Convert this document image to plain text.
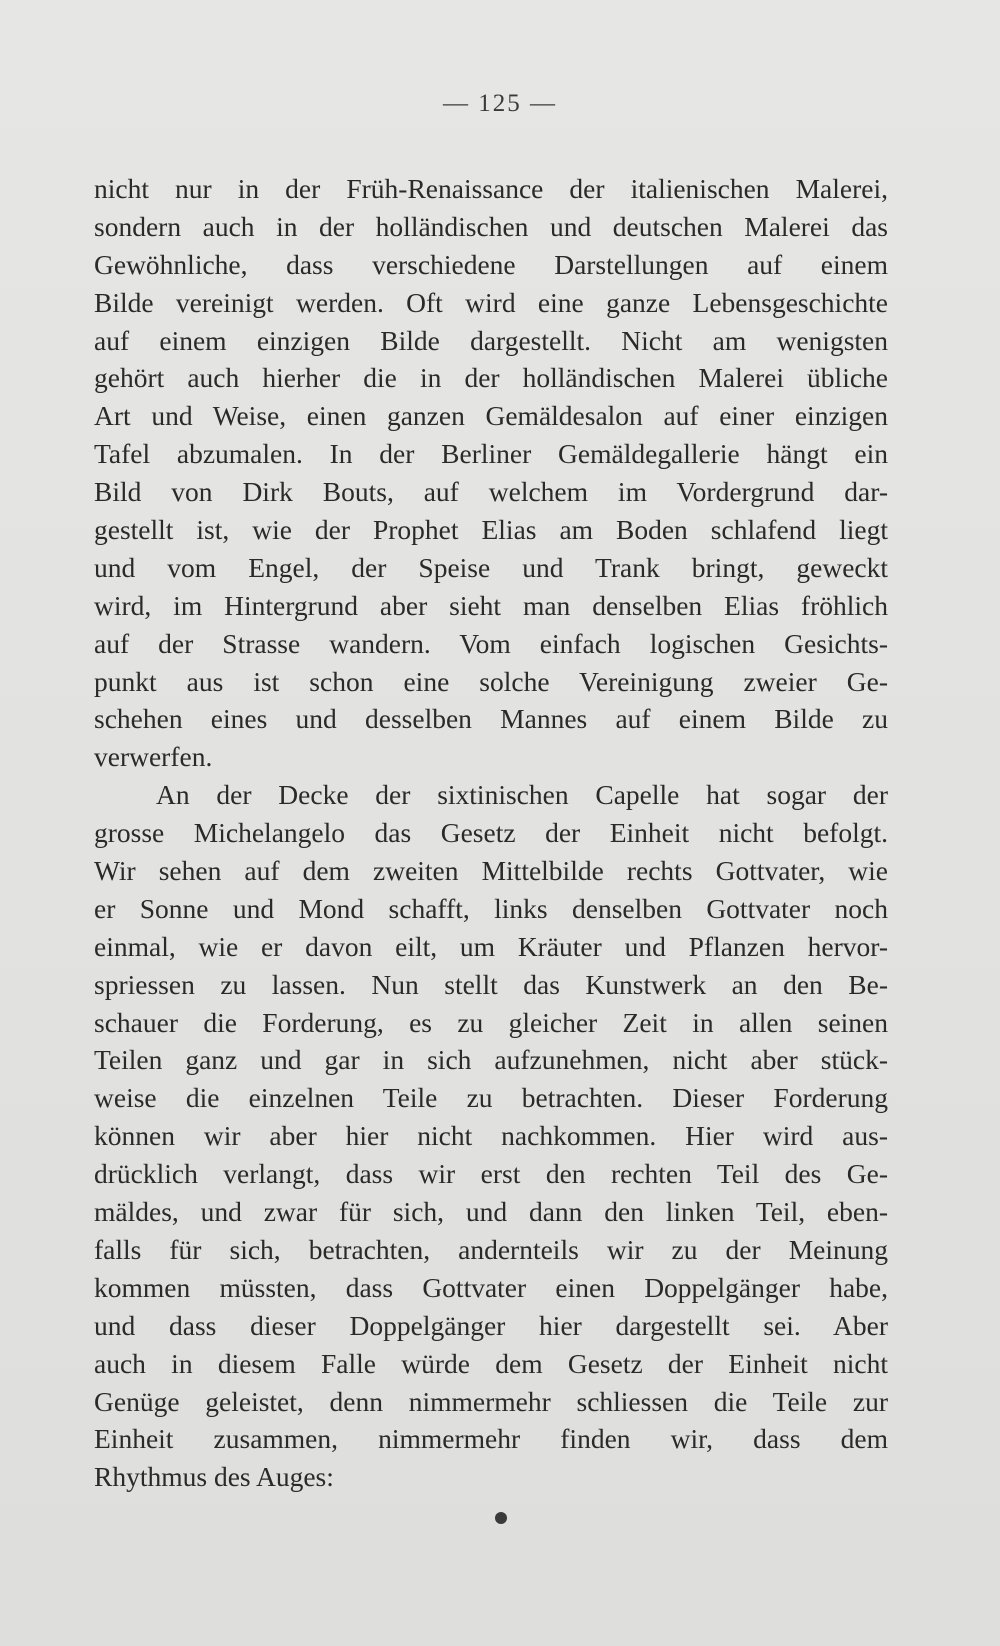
— 125 —
nicht nur in der Früh-Renaissance der italienischen Malerei,
sondern auch in der holländischen und deutschen Malerei das
Gewöhnliche, dass verschiedene Darstellungen auf einem
Bilde vereinigt werden. Oft wird eine ganze Lebensgeschichte
auf einem einzigen Bilde dargestellt. Nicht am wenigsten
gehört auch hierher die in der holländischen Malerei übliche
Art und Weise, einen ganzen Gemäldesalon auf einer einzigen
Tafel abzumalen. In der Berliner Gemäldegallerie hängt ein
Bild von Dirk Bouts, auf welchem im Vordergrund dar-
gestellt ist, wie der Prophet Elias am Boden schlafend liegt
und vom Engel, der Speise und Trank bringt, geweckt
wird, im Hintergrund aber sieht man denselben Elias fröhlich
auf der Strasse wandern. Vom einfach logischen Gesichts-
punkt aus ist schon eine solche Vereinigung zweier Ge-
schehen eines und desselben Mannes auf einem Bilde zu
verwerfen.
An der Decke der sixtinischen Capelle hat sogar der
grosse Michelangelo das Gesetz der Einheit nicht befolgt.
Wir sehen auf dem zweiten Mittelbilde rechts Gottvater, wie
er Sonne und Mond schafft, links denselben Gottvater noch
einmal, wie er davon eilt, um Kräuter und Pflanzen hervor-
spriessen zu lassen. Nun stellt das Kunstwerk an den Be-
schauer die Forderung, es zu gleicher Zeit in allen seinen
Teilen ganz und gar in sich aufzunehmen, nicht aber stück-
weise die einzelnen Teile zu betrachten. Dieser Forderung
können wir aber hier nicht nachkommen. Hier wird aus-
drücklich verlangt, dass wir erst den rechten Teil des Ge-
mäldes, und zwar für sich, und dann den linken Teil, eben-
falls für sich, betrachten, andernteils wir zu der Meinung
kommen müssten, dass Gottvater einen Doppelgänger habe,
und dass dieser Doppelgänger hier dargestellt sei. Aber
auch in diesem Falle würde dem Gesetz der Einheit nicht
Genüge geleistet, denn nimmermehr schliessen die Teile zur
Einheit zusammen, nimmermehr finden wir, dass dem
Rhythmus des Auges:
